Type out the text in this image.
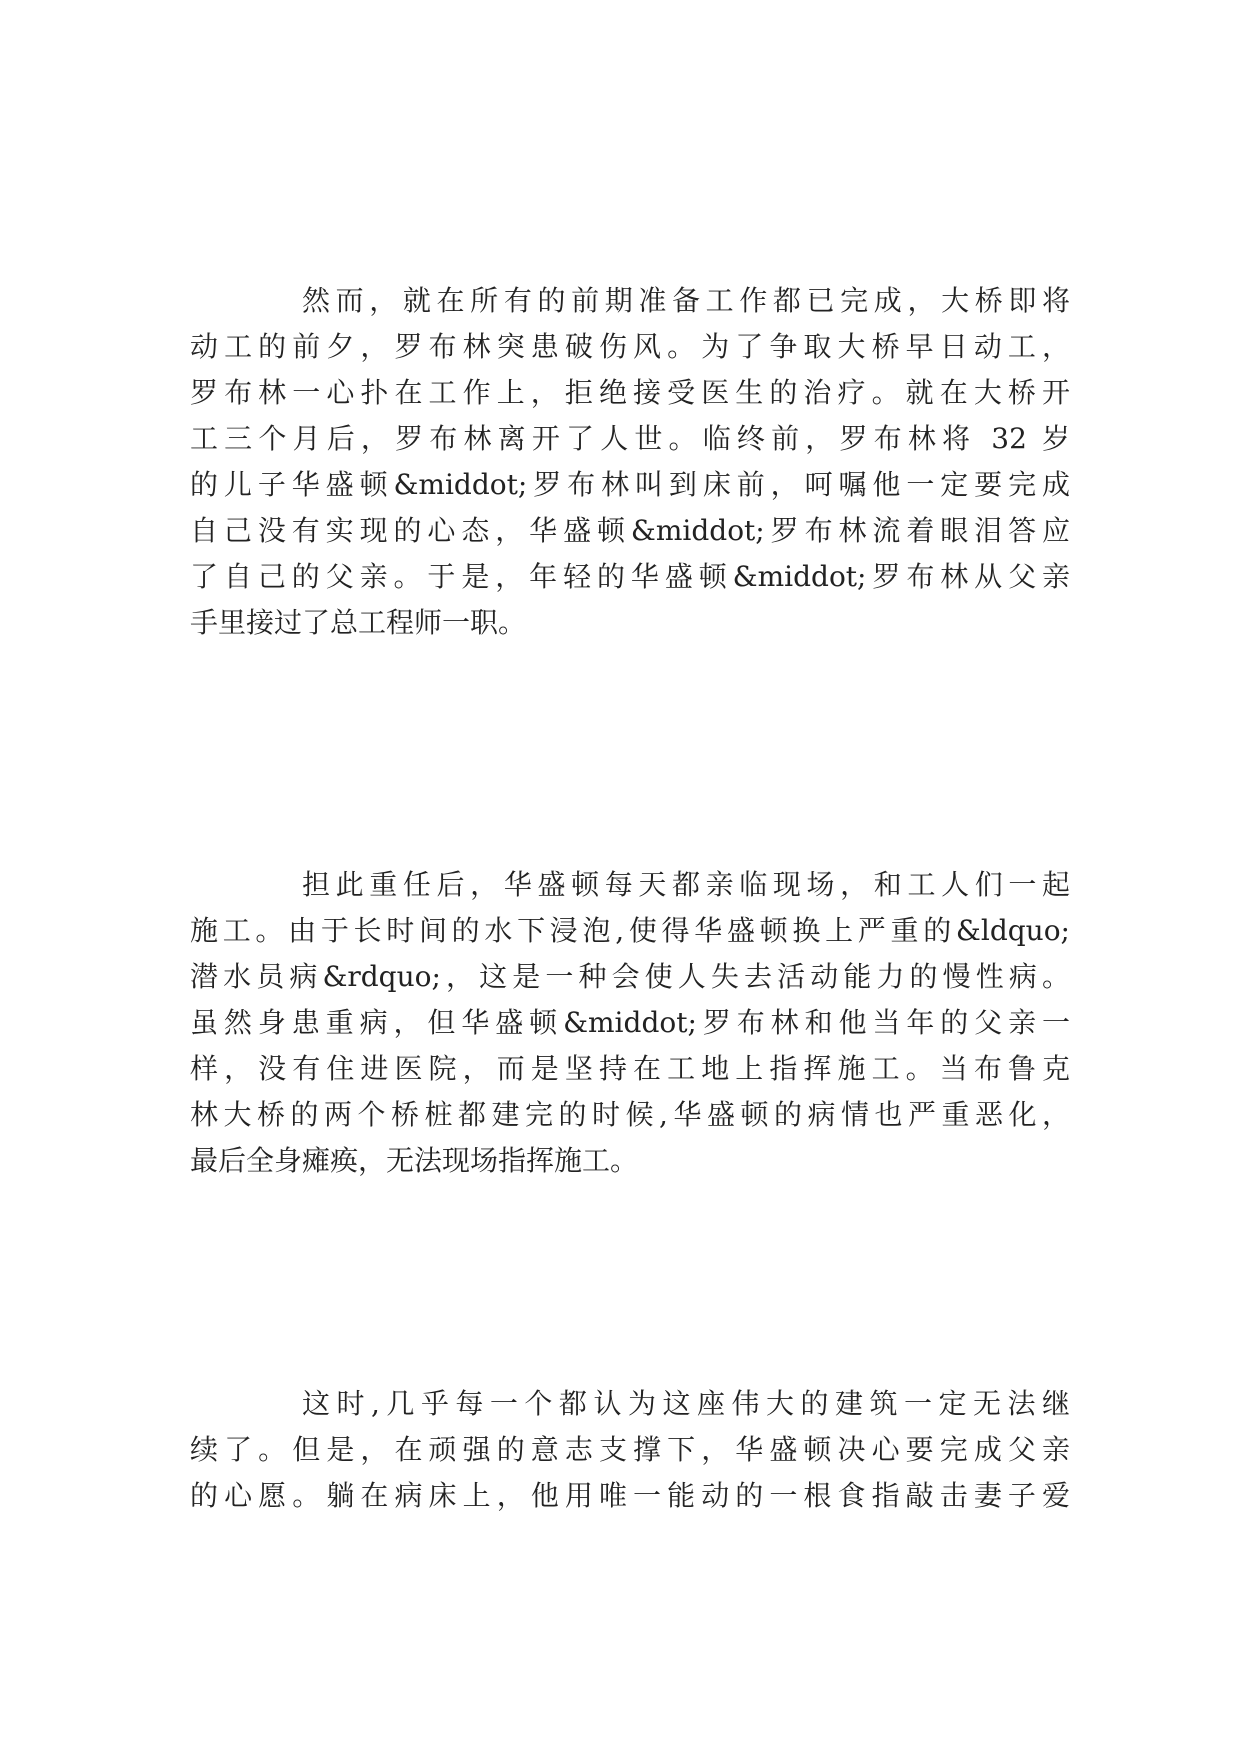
然而，就在所有的前期准备工作都已完成，大桥即将
动工的前夕，罗布林突患破伤风。为了争取大桥早日动工，
罗布林一心扑在工作上，拒绝接受医生的治疗。就在大桥开
工三个月后，罗布林离开了人世。临终前，罗布林将 32 岁
的儿子华盛顿&middot;罗布林叫到床前，呵嘱他一定要完成
自己没有实现的心态，华盛顿&middot;罗布林流着眼泪答应
了自己的父亲。于是，年轻的华盛顿&middot;罗布林从父亲
手里接过了总工程师一职。
担此重任后，华盛顿每天都亲临现场，和工人们一起
施工。由于长时间的水下浸泡,使得华盛顿换上严重的&ldquo;
潜水员病&rdquo;，这是一种会使人失去活动能力的慢性病。
虽然身患重病，但华盛顿&middot;罗布林和他当年的父亲一
样，没有住进医院，而是坚持在工地上指挥施工。当布鲁克
林大桥的两个桥桩都建完的时候,华盛顿的病情也严重恶化，
最后全身瘫痪，无法现场指挥施工。
这时,几乎每一个都认为这座伟大的建筑一定无法继
续了。但是，在顽强的意志支撑下，华盛顿决心要完成父亲
的心愿。躺在病床上，他用唯一能动的一根食指敲击妻子爱
